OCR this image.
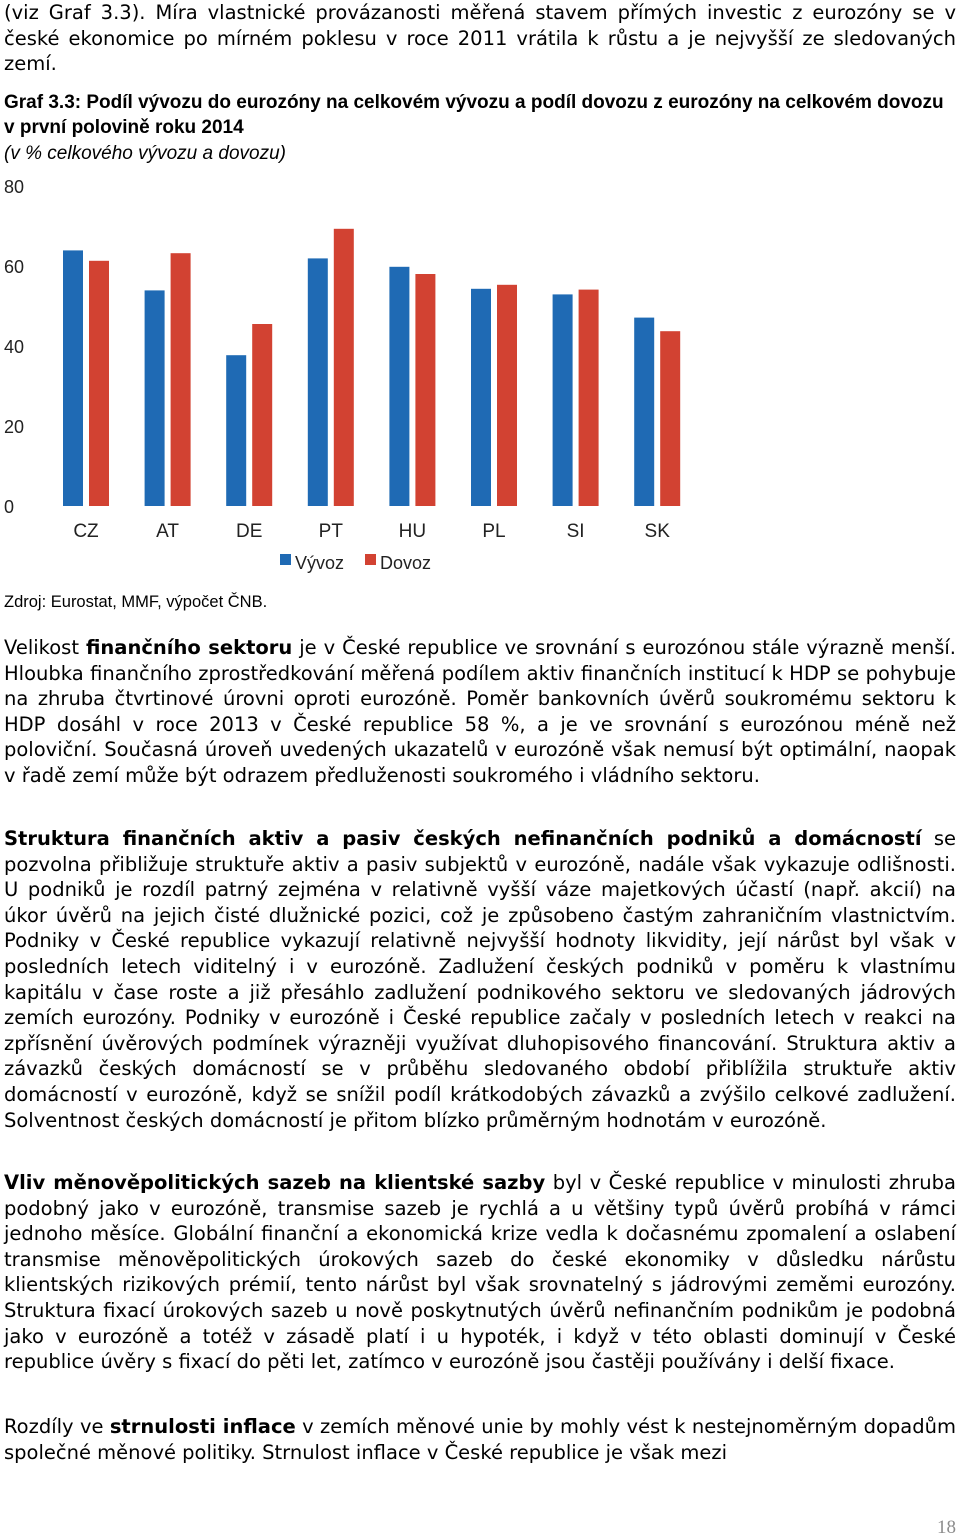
(viz Graf 3.3). Míra vlastnické provázanosti měřená stavem přímých investic z eurozóny se v české ekonomice po mírném poklesu v roce 2011 vrátila k růstu a je nejvyšší ze sledovaných zemí.

Graf 3.3: Podíl vývozu do eurozóny na celkovém vývozu a podíl dovozu z eurozóny na celkovém dovozu v první polovině roku 2014

(v % celkového vývozu a dovozu)

0
20
40
60
80
CZ	AT	DE	PT	HU	PL	SI	SK
Vývoz Dovoz

Zdroj: Eurostat, MMF, výpočet ČNB.

Velikost finančního sektoru je v České republice ve srovnání s eurozónou stále výrazně menší. Hloubka finančního zprostředkování měřená podílem aktiv finančních institucí k HDP se pohybuje na zhruba čtvrtinové úrovni oproti eurozóně. Poměr bankovních úvěrů soukromému sektoru k HDP dosáhl v roce 2013 v České republice 58 %, a je ve srovnání s eurozónou méně než poloviční. Současná úroveň uvedených ukazatelů v eurozóně však nemusí být optimální, naopak v řadě zemí může být odrazem předluženosti soukromého i vládního sektoru.

Struktura finančních aktiv a pasiv českých nefinančních podniků a domácností se pozvolna přibližuje struktuře aktiv a pasiv subjektů v eurozóně, nadále však vykazuje odlišnosti. U podniků je rozdíl patrný zejména v relativně vyšší váze majetkových účastí (např. akcií) na úkor úvěrů na jejich čisté dlužnické pozici, což je způsobeno častým zahraničním vlastnictvím. Podniky v České republice vykazují relativně nejvyšší hodnoty likvidity, její nárůst byl však v posledních letech viditelný i v eurozóně. Zadlužení českých podniků v poměru k vlastnímu kapitálu v čase roste a již přesáhlo zadlužení podnikového sektoru ve sledovaných jádrových zemích eurozóny. Podniky v eurozóně i České republice začaly v posledních letech v reakci na zpřísnění úvěrových podmínek výrazněji využívat dluhopisového financování. Struktura aktiv a závazků českých domácností se v průběhu sledovaného období přiblížila struktuře aktiv domácností v eurozóně, když se snížil podíl krátkodobých závazků a zvýšilo celkové zadlužení. Solventnost českých domácností je přitom blízko průměrným hodnotám v eurozóně.

Vliv měnověpolitických sazeb na klientské sazby byl v České republice v minulosti zhruba podobný jako v eurozóně, transmise sazeb je rychlá a u většiny typů úvěrů probíhá v rámci jednoho měsíce. Globální finanční a ekonomická krize vedla k dočasnému zpomalení a oslabení transmise měnověpolitických úrokových sazeb do české ekonomiky v důsledku nárůstu klientských rizikových prémií, tento nárůst byl však srovnatelný s jádrovými zeměmi eurozóny. Struktura fixací úrokových sazeb u nově poskytnutých úvěrů nefinančním podnikům je podobná jako v eurozóně a totéž v zásadě platí i u hypoték, i když v této oblasti dominují v České republice úvěry s fixací do pěti let, zatímco v eurozóně jsou častěji používány i delší fixace.

Rozdíly ve strnulosti inflace v zemích měnové unie by mohly vést k nestejnoměrným dopadům společné měnové politiky. Strnulost inflace v České republice je však mezi

18
